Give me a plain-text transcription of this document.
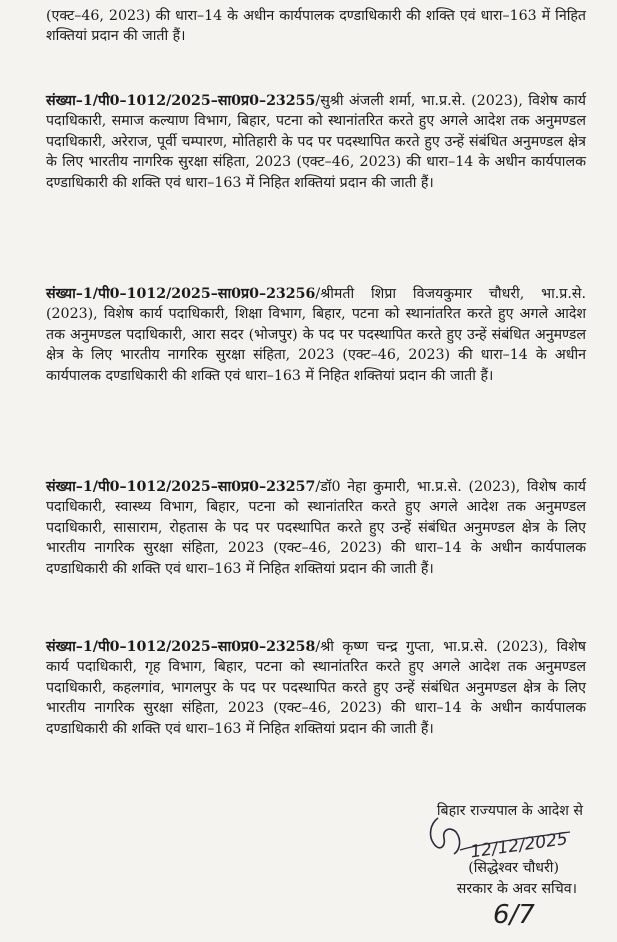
(एक्ट–46, 2023) की धारा–14 के अधीन कार्यपालक दण्डाधिकारी की शक्ति एवं धारा–163 में निहित शक्तियां प्रदान की जाती हैं।

संख्या–1/पी0–1012/2025–सा0प्र0–23255/सुश्री अंजली शर्मा, भा.प्र.से. (2023), विशेष कार्य पदाधिकारी, समाज कल्याण विभाग, बिहार, पटना को स्थानांतरित करते हुए अगले आदेश तक अनुमण्डल पदाधिकारी, अरेराज, पूर्वी चम्पारण, मोतिहारी के पद पर पदस्थापित करते हुए उन्हें संबंधित अनुमण्डल क्षेत्र के लिए भारतीय नागरिक सुरक्षा संहिता, 2023 (एक्ट–46, 2023) की धारा–14 के अधीन कार्यपालक दण्डाधिकारी की शक्ति एवं धारा–163 में निहित शक्तियां प्रदान की जाती हैं।

संख्या–1/पी0–1012/2025–सा0प्र0–23256/श्रीमती शिप्रा विजयकुमार चौधरी, भा.प्र.से. (2023), विशेष कार्य पदाधिकारी, शिक्षा विभाग, बिहार, पटना को स्थानांतरित करते हुए अगले आदेश तक अनुमण्डल पदाधिकारी, आरा सदर (भोजपुर) के पद पर पदस्थापित करते हुए उन्हें संबंधित अनुमण्डल क्षेत्र के लिए भारतीय नागरिक सुरक्षा संहिता, 2023 (एक्ट–46, 2023) की धारा–14 के अधीन कार्यपालक दण्डाधिकारी की शक्ति एवं धारा–163 में निहित शक्तियां प्रदान की जाती हैं।

संख्या–1/पी0–1012/2025–सा0प्र0–23257/डॉ0 नेहा कुमारी, भा.प्र.से. (2023), विशेष कार्य पदाधिकारी, स्वास्थ्य विभाग, बिहार, पटना को स्थानांतरित करते हुए अगले आदेश तक अनुमण्डल पदाधिकारी, सासाराम, रोहतास के पद पर पदस्थापित करते हुए उन्हें संबंधित अनुमण्डल क्षेत्र के लिए भारतीय नागरिक सुरक्षा संहिता, 2023 (एक्ट–46, 2023) की धारा–14 के अधीन कार्यपालक दण्डाधिकारी की शक्ति एवं धारा–163 में निहित शक्तियां प्रदान की जाती हैं।

संख्या–1/पी0–1012/2025–सा0प्र0–23258/श्री कृष्ण चन्द्र गुप्ता, भा.प्र.से. (2023), विशेष कार्य पदाधिकारी, गृह विभाग, बिहार, पटना को स्थानांतरित करते हुए अगले आदेश तक अनुमण्डल पदाधिकारी, कहलगांव, भागलपुर के पद पर पदस्थापित करते हुए उन्हें संबंधित अनुमण्डल क्षेत्र के लिए भारतीय नागरिक सुरक्षा संहिता, 2023 (एक्ट–46, 2023) की धारा–14 के अधीन कार्यपालक दण्डाधिकारी की शक्ति एवं धारा–163 में निहित शक्तियां प्रदान की जाती हैं।

बिहार राज्यपाल के आदेश से
12/12/2025
(सिद्धेश्वर चौधरी)
सरकार के अवर सचिव।
6/7
